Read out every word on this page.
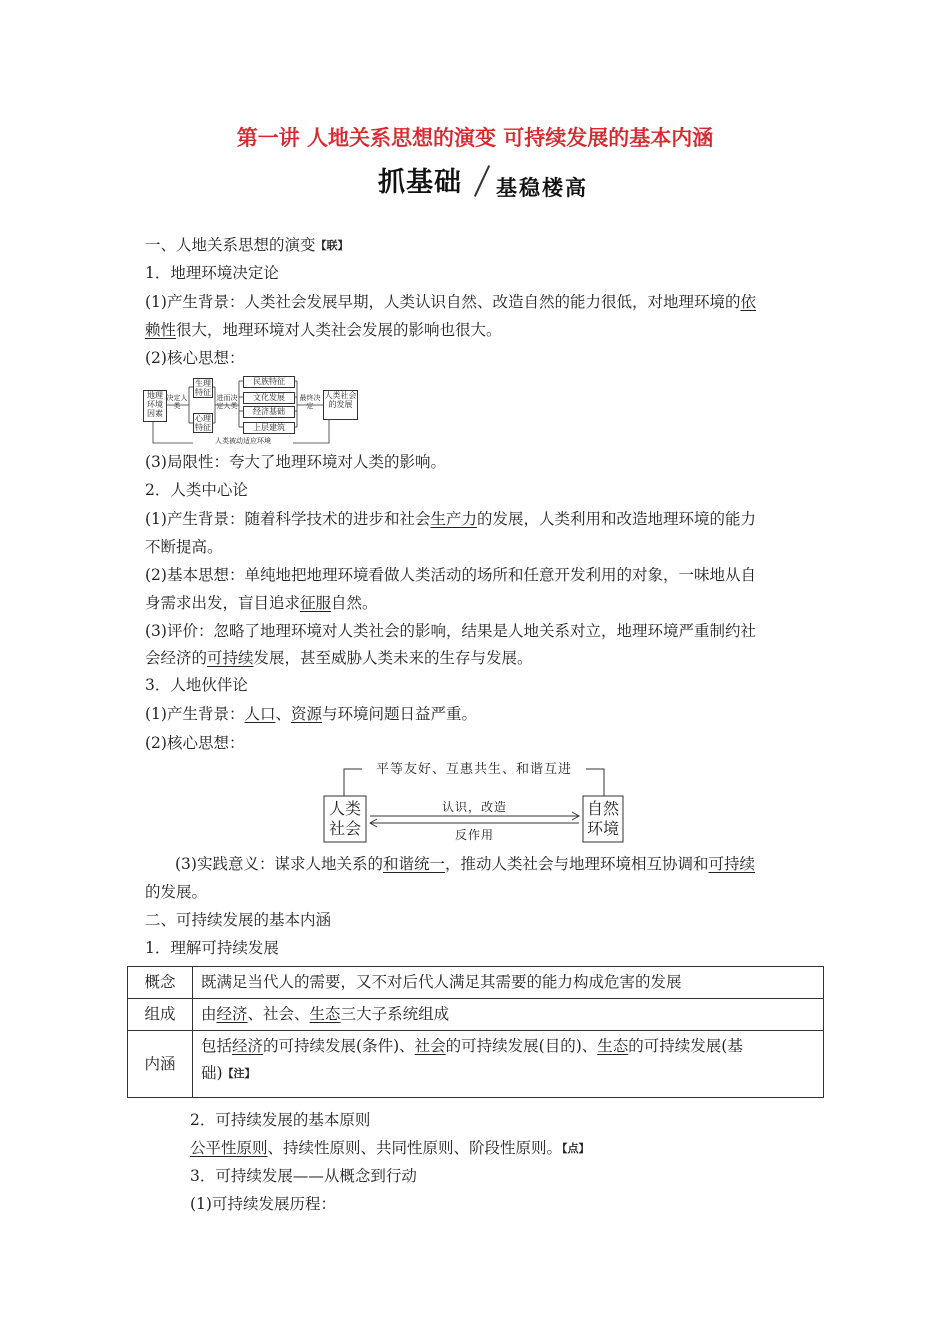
第一讲 人地关系思想的演变 可持续发展的基本内涵
抓基础 基稳楼高
一、人地关系思想的演变【联】
1．地理环境决定论
(1)产生背景：人类社会发展早期，人类认识自然、改造自然的能力很低，对地理环境的依
赖性很大，地理环境对人类社会发展的影响也很大。
(2)核心思想：
地理环境因素
决定人类
生理特征
心理特征
进而决定人类
民族特征
文化发展
经济基础
上层建筑
最终决定
人类社会的发展
人类被动适应环境
(3)局限性：夸大了地理环境对人类的影响。
2．人类中心论
(1)产生背景：随着科学技术的进步和社会生产力的发展，人类利用和改造地理环境的能力
不断提高。
(2)基本思想：单纯地把地理环境看做人类活动的场所和任意开发利用的对象，一味地从自
身需求出发，盲目追求征服自然。
(3)评价：忽略了地理环境对人类社会的影响，结果是人地关系对立，地理环境严重制约社
会经济的可持续发展，甚至威胁人类未来的生存与发展。
3．人地伙伴论
(1)产生背景：人口、资源与环境问题日益严重。
(2)核心思想：
平等友好、互惠共生、和谐互进
人类
社会
自然
环境
认识，改造
反作用
(3)实践意义：谋求人地关系的和谐统一，推动人类社会与地理环境相互协调和可持续
的发展。
二、可持续发展的基本内涵
1．理解可持续发展
概念	既满足当代人的需要，又不对后代人满足其需要的能力构成危害的发展
组成	由经济、社会、生态三大子系统组成
内涵	包括经济的可持续发展(条件)、社会的可持续发展(目的)、生态的可持续发展(基
础)【注】
2．可持续发展的基本原则
公平性原则、持续性原则、共同性原则、阶段性原则。【点】
3．可持续发展——从概念到行动
(1)可持续发展历程：
